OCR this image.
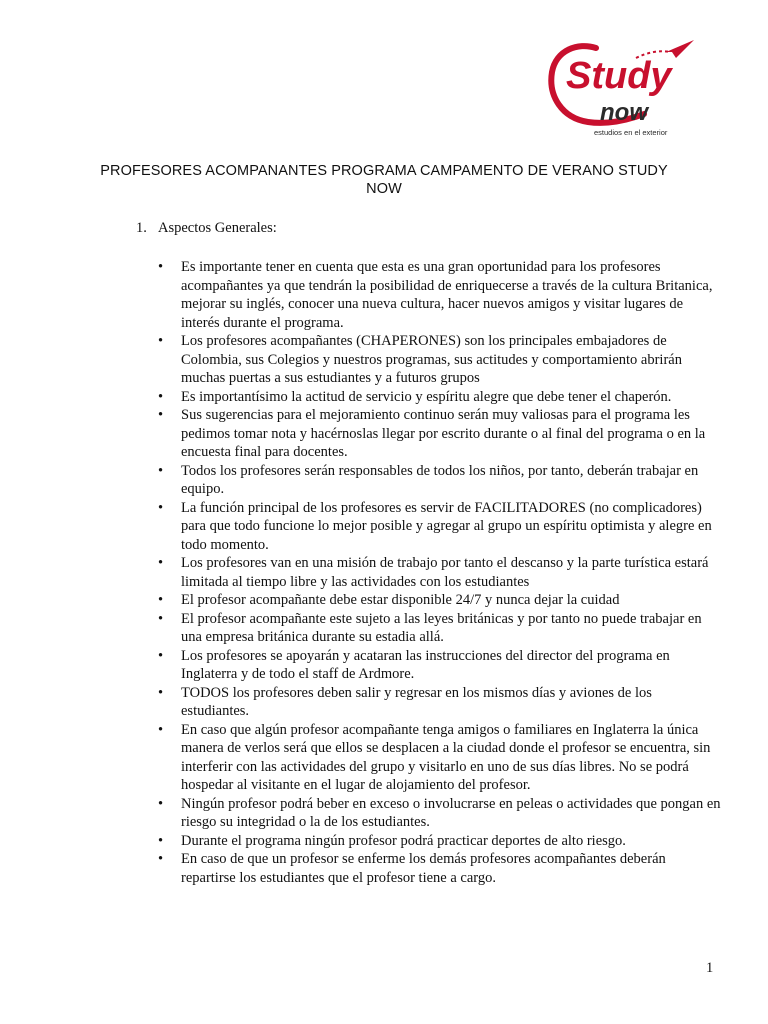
Study
now
estudios en el exterior
PROFESORES ACOMPANANTES PROGRAMA CAMPAMENTO DE VERANO STUDY NOW
1. Aspectos Generales:
• Es importante tener en cuenta que esta es una gran oportunidad para los profesores acompañantes ya que tendrán la posibilidad de enriquecerse a través de la cultura Britanica, mejorar su inglés, conocer una nueva cultura, hacer nuevos amigos y visitar lugares de interés durante el programa.
• Los profesores acompañantes (CHAPERONES) son los principales embajadores de Colombia, sus Colegios y nuestros programas, sus actitudes y comportamiento abrirán muchas puertas a sus estudiantes y a futuros grupos
• Es importantísimo la actitud de servicio y espíritu alegre que debe tener el chaperón.
• Sus sugerencias para el mejoramiento continuo serán muy valiosas para el programa les pedimos tomar nota y hacérnoslas llegar por escrito durante o al final del programa o en la encuesta final para docentes.
• Todos los profesores serán responsables de todos los niños, por tanto, deberán trabajar en equipo.
• La función principal de los profesores es servir de FACILITADORES (no complicadores) para que todo funcione lo mejor posible y agregar al grupo un espíritu optimista y alegre en todo momento.
• Los profesores van en una misión de trabajo por tanto el descanso y la parte turística estará limitada al tiempo libre y las actividades con los estudiantes
• El profesor acompañante debe estar disponible 24/7 y nunca dejar la cuidad
• El profesor acompañante este sujeto a las leyes británicas y por tanto no puede trabajar en una empresa británica durante su estadia allá.
• Los profesores se apoyarán y acataran las instrucciones del director del programa en Inglaterra y de todo el staff de Ardmore.
• TODOS los profesores deben salir y regresar en los mismos días y aviones de los estudiantes.
• En caso que algún profesor acompañante tenga amigos o familiares en Inglaterra la única manera de verlos será que ellos se desplacen a la ciudad donde el profesor se encuentra, sin interferir con las actividades del grupo y visitarlo en uno de sus días libres. No se podrá hospedar al visitante en el lugar de alojamiento del profesor.
• Ningún profesor podrá beber en exceso o involucrarse en peleas o actividades que pongan en riesgo su integridad o la de los estudiantes.
• Durante el programa ningún profesor podrá practicar deportes de alto riesgo.
• En caso de que un profesor se enferme los demás profesores acompañantes deberán repartirse los estudiantes que el profesor tiene a cargo.
1
